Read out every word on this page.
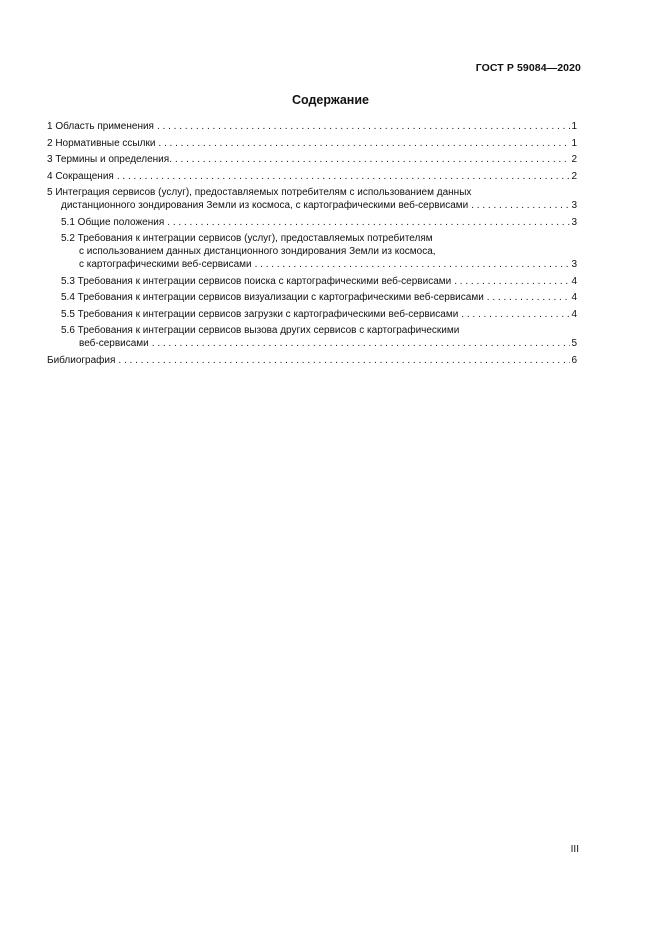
ГОСТ Р 59084—2020
Содержание
1 Область применения . . .	1
2 Нормативные ссылки . . .	1
3 Термины и определения. . . .	2
4 Сокращения . . .	2
5 Интеграция сервисов (услуг), предоставляемых потребителям с использованием данных
дистанционного зондирования Земли из космоса, с картографическими веб-сервисами . . .	3
5.1 Общие положения . . .	3
5.2 Требования к интеграции сервисов (услуг), предоставляемых потребителям
с использованием данных дистанционного зондирования Земли из космоса,
с картографическими веб-сервисами . . .	3
5.3 Требования к интеграции сервисов поиска с картографическими веб-сервисами . . .	4
5.4 Требования к интеграции сервисов визуализации с картографическими веб-сервисами . . .	4
5.5 Требования к интеграции сервисов загрузки с картографическими веб-сервисами . . .	4
5.6 Требования к интеграции сервисов вызова других сервисов с картографическими
веб-сервисами . . .	5
Библиография . . .	6
III
